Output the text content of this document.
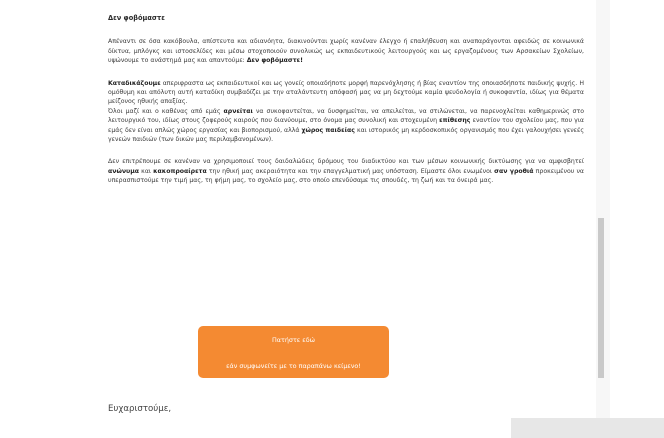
Δεν φοβόμαστε

Απέναντι σε όσα κακόβουλα, απίστευτα και αδιανόητα, διακινούνται χωρίς κανέναν έλεγχο ή επαλήθευση και αναπαράγονται αφειδώς σε κοινωνικά δίκτυα, μπλόγκς και ιστοσελίδες και μέσω στοχοποιούν συνολικώς ως εκπαιδευτικούς λειτουργούς και ως εργαζομένους των Αρσακείων Σχολείων, υψώνουμε το ανάστημά μας και απαντούμε: Δεν φοβόμαστε!

Καταδικάζουμε απεριφραστα ως εκπαιδευτικοί και ως γονείς οποιαδήποτε μορφή παρενόχλησης ή βίας εναντίον της οποιασδήποτε παιδικής ψυχής. Η ομόθυμη και απόλυτη αυτή καταδίκη συμβαδίζει με την αταλάντευτη απόφασή μας να μη δεχτούμε καμία ψευδολογία ή συκοφαντία, ιδίως για θέματα μείζονος ηθικής απαξίας.

Όλοι μαζί και ο καθένας από εμάς αρνείται να συκοφαντείται, να δυσφημείται, να απειλείται, να στιλώνεται, να παρενοχλείται καθημερινώς στο λειτουργικό του, ιδίως στους ζοφερούς καιρούς που διανύουμε, στο όνομα μας συνολική και στοχευμένη επίθεσης εναντίον του σχολείου μας, που για εμάς δεν είναι απλώς χώρος εργασίας και βιοπορισμού, αλλά χώρος παιδείας και ιστορικός μη κερδοσκοπικός οργανισμός που έχει γαλουχήσει γενεές γενεών παιδιών (των δικών μας περιλαμβανομένων).

Δεν επιτρέπουμε σε κανέναν να χρησιμοποιεί τους δαιδαλώδεις δρόμους του διαδικτύου και των μέσων κοινωνικής δικτύωσης για να αμφισβητεί ανώνυμα και κακοπροαίρετα την ηθική μας ακεραιότητα και την επαγγελματική μας υπόσταση. Είμαστε όλοι ενωμένοι σαν γροθιά προκειμένου να υπερασπιστούμε την τιμή μας, τη φήμη μας, το σχολείο μας, στο οποίο επενδύσαμε τις σπουδές, τη ζωή και τα όνειρά μας.

Πατήστε εδώ
εάν συμφωνείτε με το παραπάνω κείμενο!
Ευχαριστούμε,
